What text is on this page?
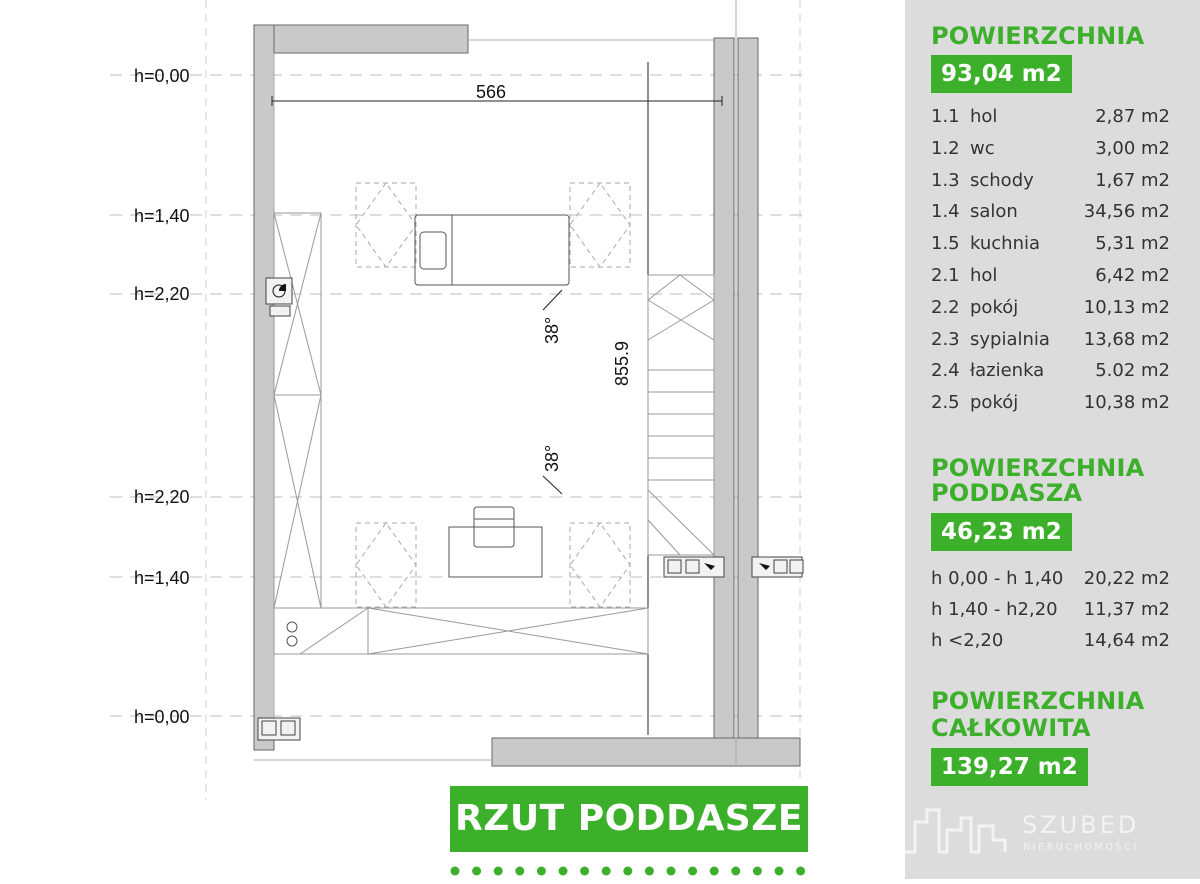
h=0,00
h=1,40
h=2,20
h=2,20
h=1,40
h=0,00
566
855.9
38°
38°
RZUT PODDASZE
POWIERZCHNIA
93,04 m2
1.1 hol	2,87 m2
1.2 wc	3,00 m2
1.3 schody	1,67 m2
1.4 salon	34,56 m2
1.5 kuchnia	5,31 m2
2.1 hol	6,42 m2
2.2 pokój	10,13 m2
2.3 sypialnia 13,68 m2
2.4 łazienka	5.02 m2
2.5 pokój	10,38 m2
POWIERZCHNIA
PODDASZA
46,23 m2
h 0,00 - h 1,40 20,22 m2
h 1,40 - h2,20 11,37 m2
h <2,20	14,64 m2
POWIERZCHNIA
CAŁKOWITA
139,27 m2
SZUBED
NIERUCHOMOŚCI
